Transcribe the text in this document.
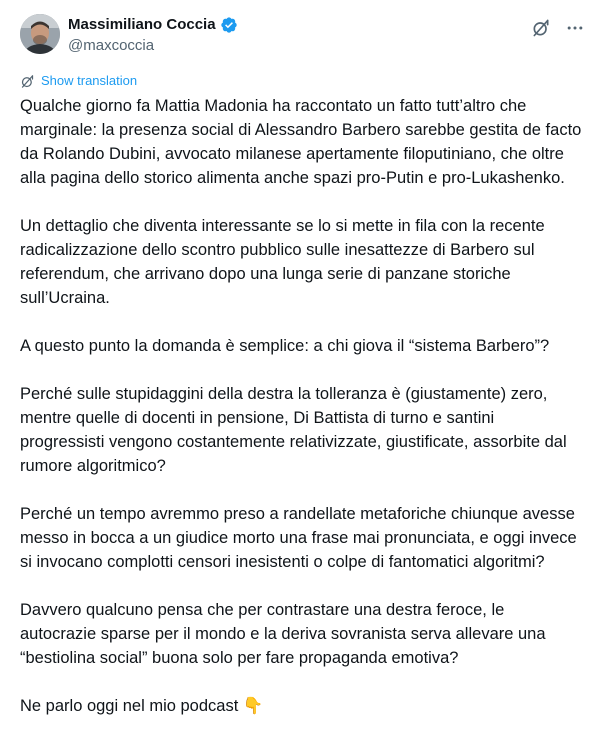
Massimiliano Coccia
@maxcoccia
Show translation

Qualche giorno fa Mattia Madonia ha raccontato un fatto tutt’altro che marginale: la presenza social di Alessandro Barbero sarebbe gestita de facto da Rolando Dubini, avvocato milanese apertamente filoputiniano, che oltre alla pagina dello storico alimenta anche spazi pro-Putin e pro-Lukashenko.

Un dettaglio che diventa interessante se lo si mette in fila con la recente radicalizzazione dello scontro pubblico sulle inesattezze di Barbero sul referendum, che arrivano dopo una lunga serie di panzane storiche sull’Ucraina.

A questo punto la domanda è semplice: a chi giova il “sistema Barbero”?

Perché sulle stupidaggini della destra la tolleranza è (giustamente) zero, mentre quelle di docenti in pensione, Di Battista di turno e santini progressisti vengono costantemente relativizzate, giustificate, assorbite dal rumore algoritmico?

Perché un tempo avremmo preso a randellate metaforiche chiunque avesse messo in bocca a un giudice morto una frase mai pronunciata, e oggi invece si invocano complotti censori inesistenti o colpe di fantomatici algoritmi?

Davvero qualcuno pensa che per contrastare una destra feroce, le autocrazie sparse per il mondo e la deriva sovranista serva allevare una “bestiolina social” buona solo per fare propaganda emotiva?

Ne parlo oggi nel mio podcast 👇
